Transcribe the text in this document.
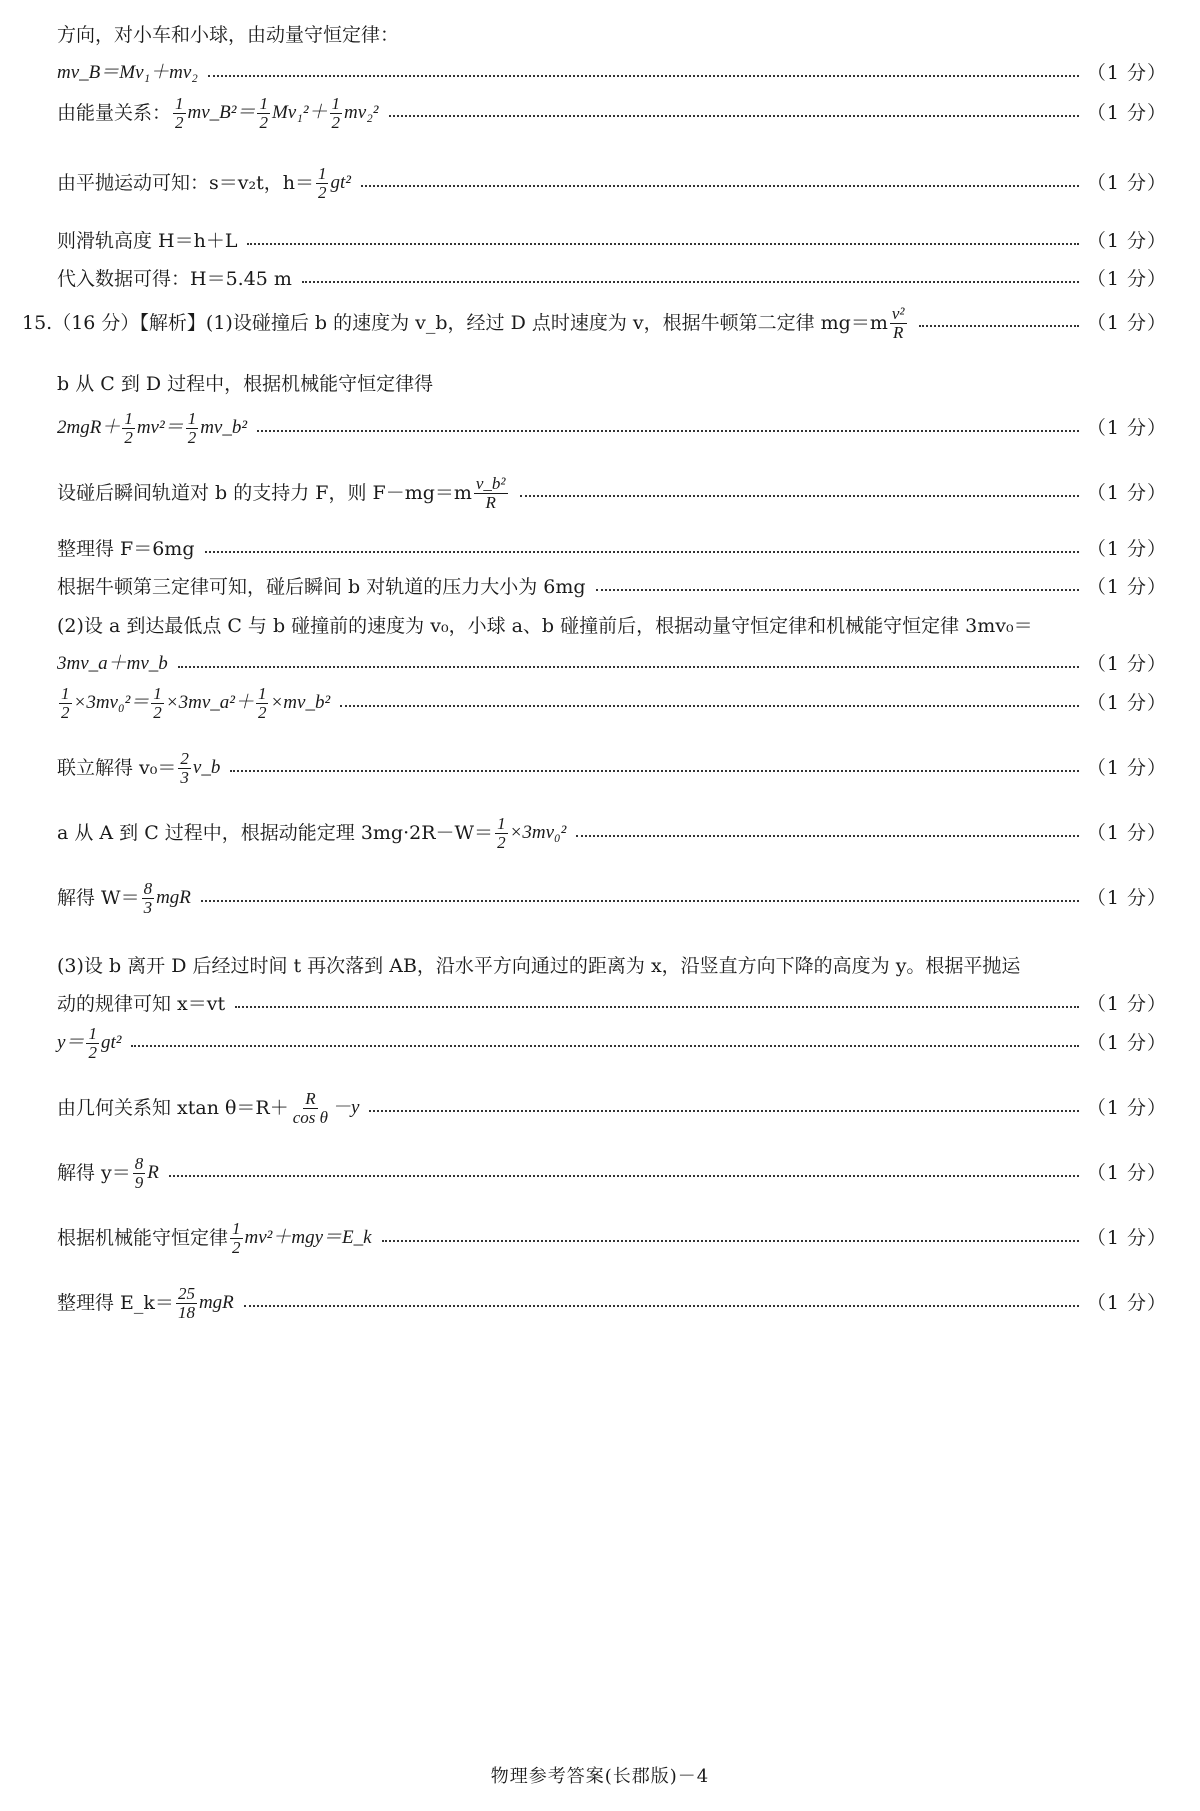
方向，对小车和小球，由动量守恒定律：
mv_B＝Mv₁＋mv₂	（1 分）
由能量关系： $\frac{1}{2}$ mv_B²＝ $\frac{1}{2} Mv_1^2+ \frac{1}{2} mv_2^2$	（1 分）
由平抛运动可知：s＝v₂t，$h= \frac{1}{2} gt^2$	（1 分）
则滑轨高度 H＝h＋L	（1 分）
代入数据可得：H＝5.45 m	（1 分）
15.（16 分）【解析】(1)设碰撞后 b 的速度为 v_b，经过 D 点时速度为 v，根据牛顿第二定律 $mg=m \frac{\text{v²}}{R}$	（1 分）
b 从 C 到 D 过程中，根据机械能守恒定律得
$2mgR+ \frac{1}{2} mv^2= \frac{1}{2}$ mv_b²	（1 分）
设碰后瞬间轨道对 b 的支持力 F，则 $F-mg=m \frac{\text{v\_b²}}{R}$	（1 分）
整理得 F＝6mg	（1 分）
根据牛顿第三定律可知，碰后瞬间 b 对轨道的压力大小为 6mg	（1 分）
(2)设 a 到达最低点 C 与 b 碰撞前的速度为 v₀，小球 a、b 碰撞前后，根据动量守恒定律和机械能守恒定律 3mv₀＝
3mv_a＋mv_b	（1 分）
$\frac{1}{2} \times 3mv_0^2= \frac{1}{2}$ ×3mv_a²＋ $\frac{1}{2}$ ×mv_b²	（1 分）
联立解得 $v_0= \frac{2}{3}$ v_b	（1 分）
a 从 A 到 C 过程中，根据动能定理 $3mg\cdot 2R-W= \frac{1}{2} \times 3mv_0^2$	（1 分）
解得 $W= \frac{8}{3}$ mgR	（1 分）
(3)设 b 离开 D 后经过时间 t 再次落到 AB，沿水平方向通过的距离为 x，沿竖直方向下降的高度为 y。根据平抛运
动的规律可知 x＝vt	（1 分）
$y= \frac{1}{2} gt^2$	（1 分）
由几何关系知 xtan $\theta=R+ \frac{R}{\text{cos θ}} -y$	（1 分）
解得 $y= \frac{8}{9}$ R	（1 分）
根据机械能守恒定律 $\frac{1}{2}$ mv²＋mgy＝E_k	（1 分）
整理得 E_k＝ $\frac{25}{18}$ mgR	（1 分）
物理参考答案(长郡版)－4
